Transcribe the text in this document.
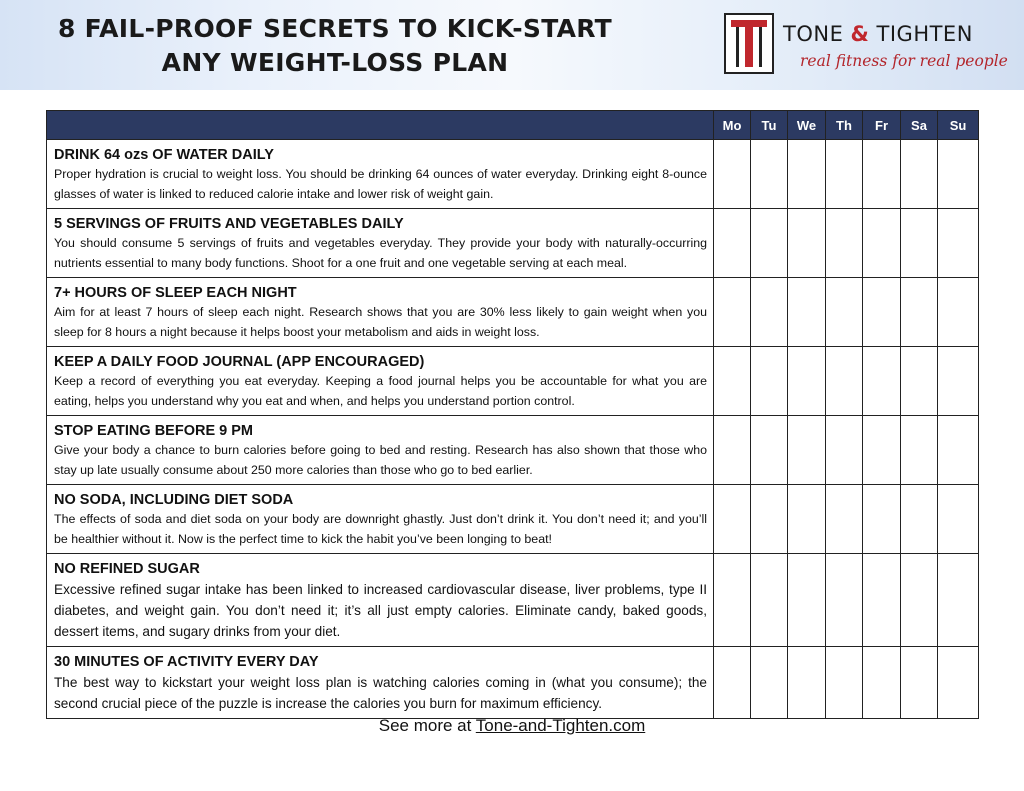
8 FAIL-PROOF SECRETS TO KICK-START
ANY WEIGHT-LOSS PLAN
TONE & TIGHTEN
real fitness for real people
	Mo	Tu	We	Th	Fr	Sa	Su

DRINK 64 ozs OF WATER DAILY
Proper hydration is crucial to weight loss. You should be drinking 64 ounces of water everyday. Drinking eight 8-ounce glasses of water is linked to reduced calorie intake and lower risk of weight gain.							

5 SERVINGS OF FRUITS AND VEGETABLES DAILY
You should consume 5 servings of fruits and vegetables everyday. They provide your body with naturally-occurring nutrients essential to many body functions. Shoot for a one fruit and one vegetable serving at each meal.							

7+ HOURS OF SLEEP EACH NIGHT
Aim for at least 7 hours of sleep each night. Research shows that you are 30% less likely to gain weight when you sleep for 8 hours a night because it helps boost your metabolism and aids in weight loss.							

KEEP A DAILY FOOD JOURNAL (APP ENCOURAGED)
Keep a record of everything you eat everyday. Keeping a food journal helps you be accountable for what you are eating, helps you understand why you eat and when, and helps you understand portion control.							

STOP EATING BEFORE 9 PM
Give your body a chance to burn calories before going to bed and resting. Research has also shown that those who stay up late usually consume about 250 more calories than those who go to bed earlier.							

NO SODA, INCLUDING DIET SODA
The effects of soda and diet soda on your body are downright ghastly. Just don’t drink it. You don’t need it; and you’ll be healthier without it. Now is the perfect time to kick the habit you’ve been longing to beat!							

NO REFINED SUGAR
Excessive refined sugar intake has been linked to increased cardiovascular disease, liver problems, type II diabetes, and weight gain. You don’t need it; it’s all just empty calories. Eliminate candy, baked goods, dessert items, and sugary drinks from your diet.							

30 MINUTES OF ACTIVITY EVERY DAY
The best way to kickstart your weight loss plan is watching calories coming in (what you consume); the second crucial piece of the puzzle is increase the calories you burn for maximum efficiency.							

See more at Tone-and-Tighten.com
